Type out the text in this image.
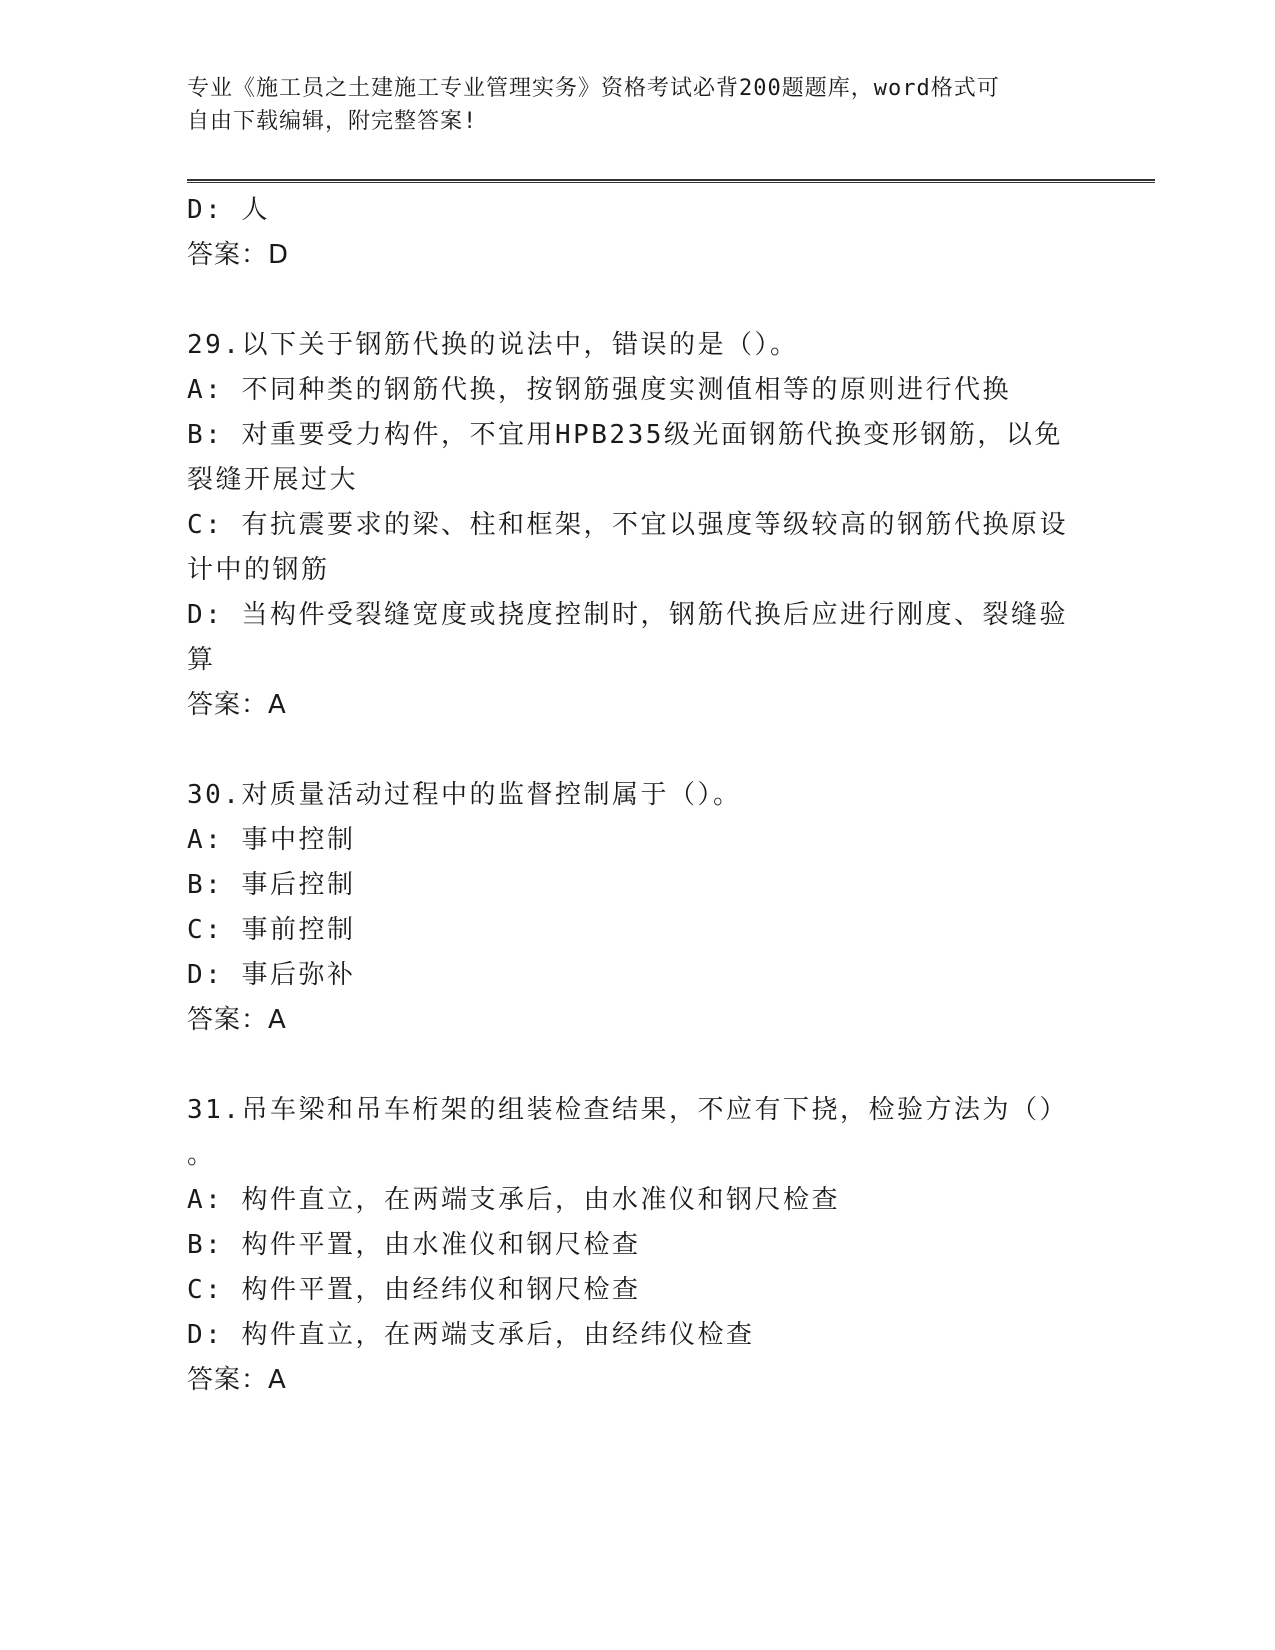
专业《施工员之土建施工专业管理实务》资格考试必背200题题库，word格式可
自由下载编辑，附完整答案!

D: 人

答案：D

29.以下关于钢筋代换的说法中，错误的是（）。

A: 不同种类的钢筋代换，按钢筋强度实测值相等的原则进行代换

B: 对重要受力构件，不宜用HPB235级光面钢筋代换变形钢筋，以免

裂缝开展过大

C: 有抗震要求的梁、柱和框架，不宜以强度等级较高的钢筋代换原设

计中的钢筋

D: 当构件受裂缝宽度或挠度控制时，钢筋代换后应进行刚度、裂缝验

算

答案：A

30.对质量活动过程中的监督控制属于（）。

A: 事中控制

B: 事后控制

C: 事前控制

D: 事后弥补

答案：A

31.吊车梁和吊车桁架的组装检查结果，不应有下挠，检验方法为（）

。

A: 构件直立，在两端支承后，由水准仪和钢尺检查

B: 构件平置，由水准仪和钢尺检查

C: 构件平置，由经纬仪和钢尺检查

D: 构件直立，在两端支承后，由经纬仪检查

答案：A
